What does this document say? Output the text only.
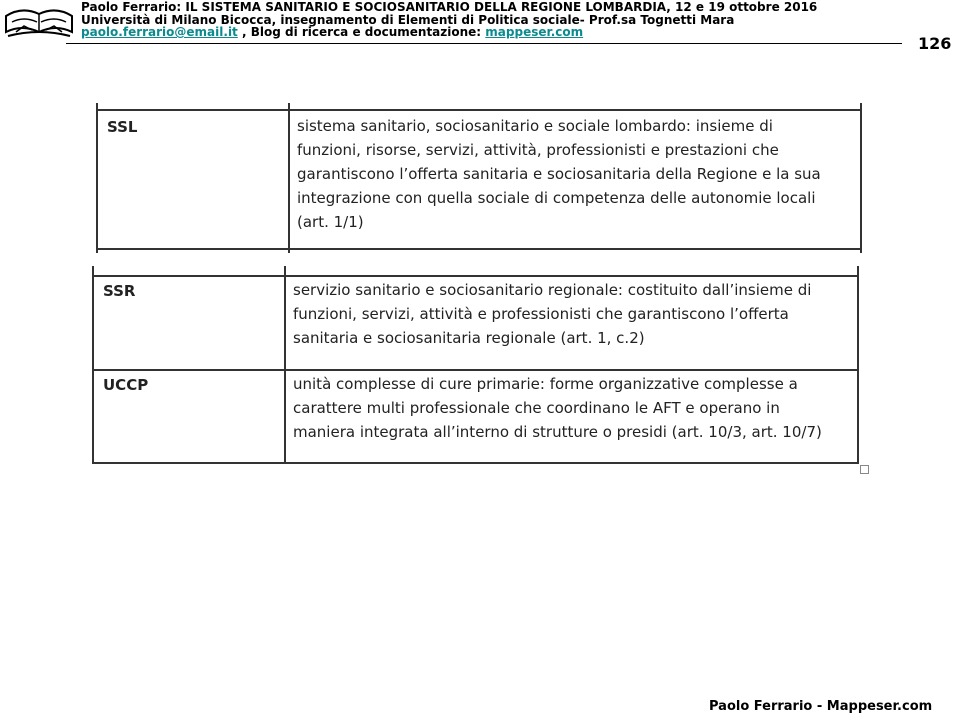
Paolo Ferrario: IL SISTEMA SANITARIO E SOCIOSANITARIO DELLA REGIONE LOMBARDIA, 12 e 19 ottobre 2016
Università di Milano Bicocca, insegnamento di Elementi di Politica sociale- Prof.sa Tognetti Mara
paolo.ferrario@email.it , Blog di ricerca e documentazione: mappeser.com
126
SSL	sistema sanitario, sociosanitario e sociale lombardo: insieme di
funzioni, risorse, servizi, attività, professionisti e prestazioni che
garantiscono l’offerta sanitaria e sociosanitaria della Regione e la sua
integrazione con quella sociale di competenza delle autonomie locali
(art. 1/1)
SSR	servizio sanitario e sociosanitario regionale: costituito dall’insieme di
funzioni, servizi, attività e professionisti che garantiscono l’offerta
sanitaria e sociosanitaria regionale (art. 1, c.2)
UCCP	unità complesse di cure primarie: forme organizzative complesse a
carattere multi professionale che coordinano le AFT e operano in
maniera integrata all’interno di strutture o presidi (art. 10/3, art. 10/7)
Paolo Ferrario - Mappeser.com
